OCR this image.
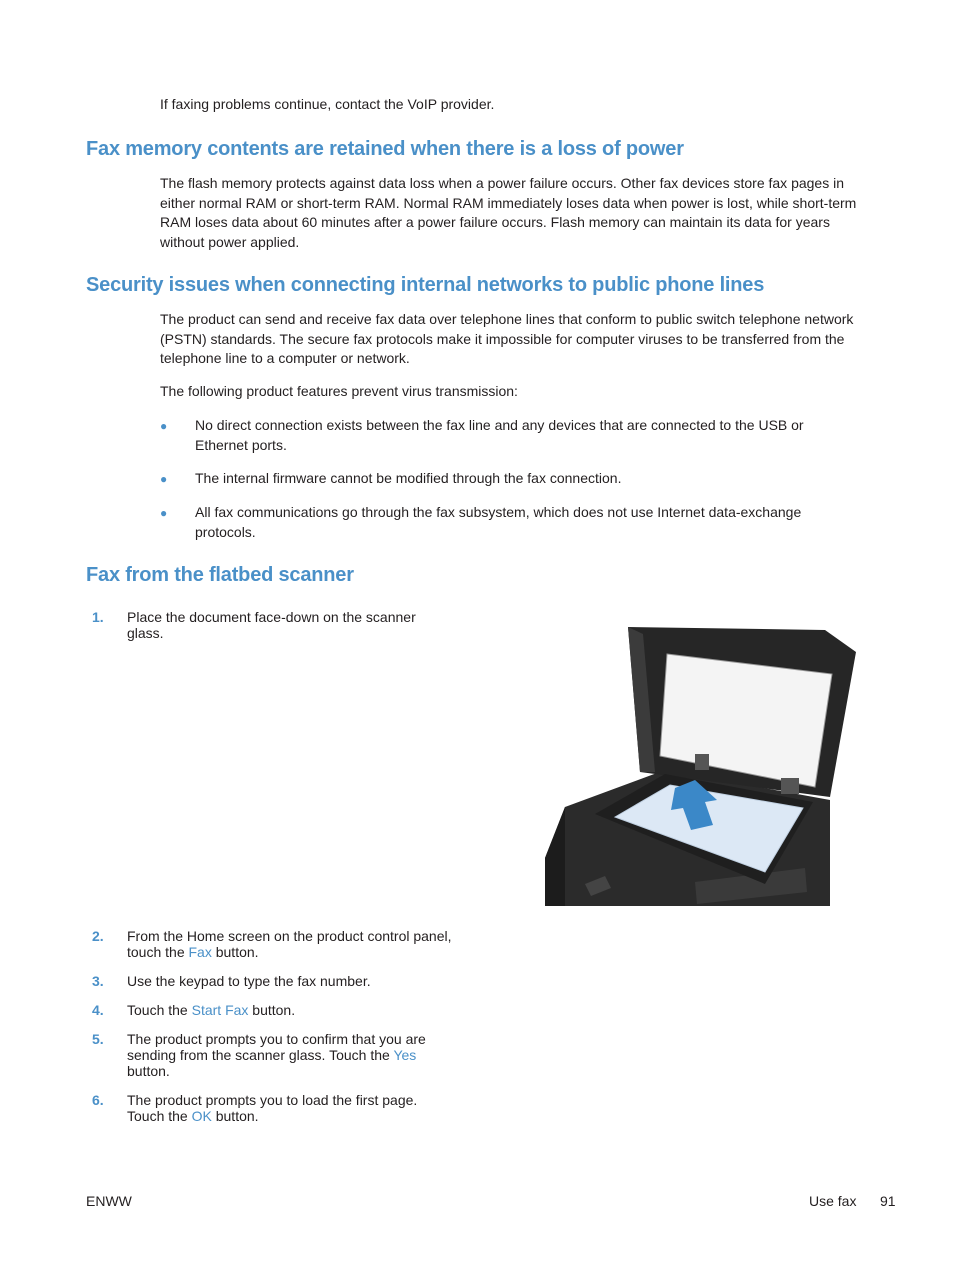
If faxing problems continue, contact the VoIP provider.
Fax memory contents are retained when there is a loss of power
The flash memory protects against data loss when a power failure occurs. Other fax devices store fax pages in either normal RAM or short-term RAM. Normal RAM immediately loses data when power is lost, while short-term RAM loses data about 60 minutes after a power failure occurs. Flash memory can maintain its data for years without power applied.
Security issues when connecting internal networks to public phone lines
The product can send and receive fax data over telephone lines that conform to public switch telephone network (PSTN) standards. The secure fax protocols make it impossible for computer viruses to be transferred from the telephone line to a computer or network.
The following product features prevent virus transmission:
● No direct connection exists between the fax line and any devices that are connected to the USB or Ethernet ports.
● The internal firmware cannot be modified through the fax connection.
● All fax communications go through the fax subsystem, which does not use Internet data-exchange protocols.
Fax from the flatbed scanner
1. Place the document face-down on the scanner glass.
2. From the Home screen on the product control panel, touch the Fax button.
3. Use the keypad to type the fax number.
4. Touch the Start Fax button.
5. The product prompts you to confirm that you are sending from the scanner glass. Touch the Yes button.
6. The product prompts you to load the first page. Touch the OK button.
ENWW	Use fax 91
